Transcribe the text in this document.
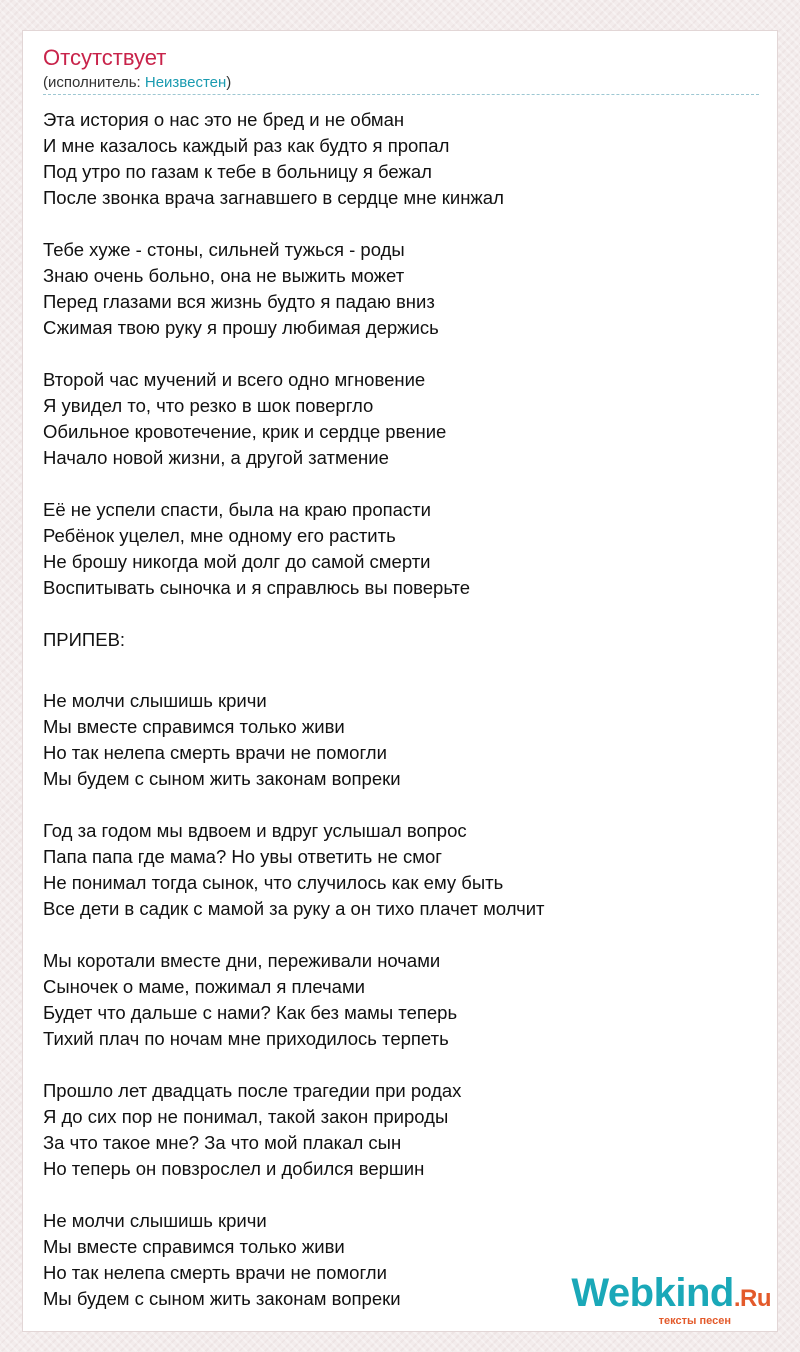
Отсутствует
(исполнитель: Неизвестен)
Эта история о нас это не бред и не обман
И мне казалось каждый раз как будто я пропал
Под утро по газам к тебе в больницу я бежал
После звонка врача загнавшего в сердце мне кинжал
Тебе хуже - стоны, сильней тужься - роды
Знаю очень больно, она не выжить может
Перед глазами вся жизнь будто я падаю вниз
Сжимая твою руку я прошу любимая держись
Второй час мучений и всего одно мгновение
Я увидел то, что резко в шок повергло
Обильное кровотечение, крик и сердце рвение
Начало новой жизни, а другой затмение
Её не успели спасти, была на краю пропасти
Ребёнок уцелел, мне одному его растить
Не брошу никогда мой долг до самой смерти
Воспитывать сыночка и я справлюсь вы поверьте
ПРИПЕВ:
Не молчи слышишь кричи
Мы вместе справимся только живи
Но так нелепа смерть врачи не помогли
Мы будем с сыном жить законам вопреки
Год за годом мы вдвоем и вдруг услышал вопрос
Папа папа где мама? Но увы ответить не смог
Не понимал тогда сынок, что случилось как ему быть
Все дети в садик с мамой за руку а он тихо плачет молчит
Мы коротали вместе дни, переживали ночами
Сыночек о маме, пожимал я плечами
Будет что дальше с нами? Как без мамы теперь
Тихий плач по ночам мне приходилось терпеть
Прошло лет двадцать после трагедии при родах
Я до сих пор не понимал, такой закон природы
За что такое мне? За что мой плакал сын
Но теперь он повзрослел и добился вершин
Не молчи слышишь кричи
Мы вместе справимся только живи
Но так нелепа смерть врачи не помогли
Мы будем с сыном жить законам вопреки	Webkind.Ru
тексты песен
